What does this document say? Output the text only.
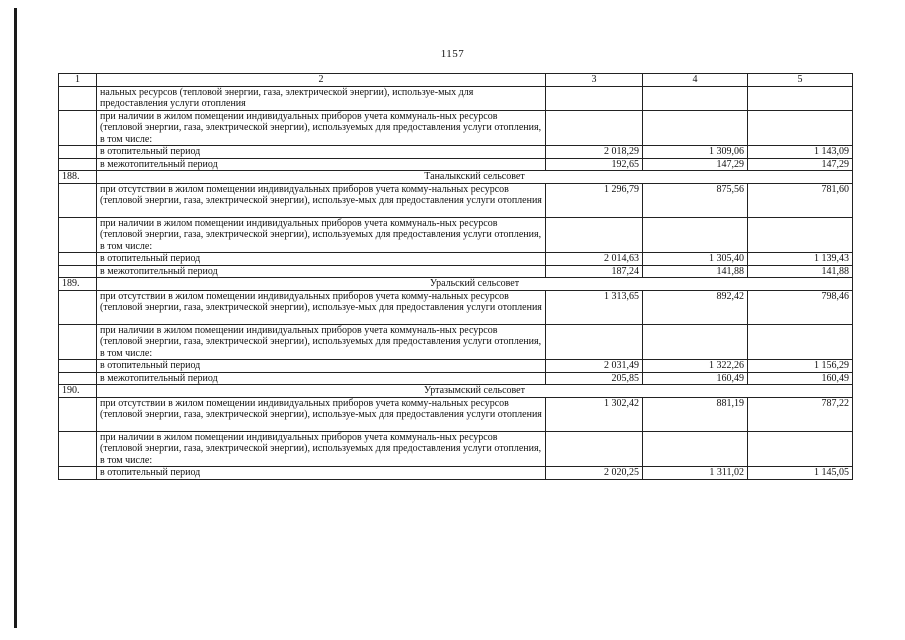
1157
1	2	3	4	5
	нальных ресурсов (тепловой энергии, газа, электрической энергии), используе-мых для предоставления услуги отопления			
	при наличии в жилом помещении индивидуальных приборов учета коммуналь-ных ресурсов (тепловой энергии, газа, электрической энергии), используемых для предоставления услуги отопления, в том числе:			
	в отопительный период	2 018,29	1 309,06	1 143,09
	в межотопительный период	192,65	147,29	147,29
188.	Таналыкский сельсовет			
	при отсутствии в жилом помещении индивидуальных приборов учета комму-нальных ресурсов (тепловой энергии, газа, электрической энергии), используе-мых для предоставления услуги отопления	1 296,79	875,56	781,60
	при наличии в жилом помещении индивидуальных приборов учета коммуналь-ных ресурсов (тепловой энергии, газа, электрической энергии), используемых для предоставления услуги отопления, в том числе:			
	в отопительный период	2 014,63	1 305,40	1 139,43
	в межотопительный период	187,24	141,88	141,88
189.	Уральский сельсовет			
	при отсутствии в жилом помещении индивидуальных приборов учета комму-нальных ресурсов (тепловой энергии, газа, электрической энергии), используе-мых для предоставления услуги отопления	1 313,65	892,42	798,46
	при наличии в жилом помещении индивидуальных приборов учета коммуналь-ных ресурсов (тепловой энергии, газа, электрической энергии), используемых для предоставления услуги отопления, в том числе:			
	в отопительный период	2 031,49	1 322,26	1 156,29
	в межотопительный период	205,85	160,49	160,49
190.	Уртазымский сельсовет			
	при отсутствии в жилом помещении индивидуальных приборов учета комму-нальных ресурсов (тепловой энергии, газа, электрической энергии), используе-мых для предоставления услуги отопления	1 302,42	881,19	787,22
	при наличии в жилом помещении индивидуальных приборов учета коммуналь-ных ресурсов (тепловой энергии, газа, электрической энергии), используемых для предоставления услуги отопления, в том числе:			
	в отопительный период	2 020,25	1 311,02	1 145,05
